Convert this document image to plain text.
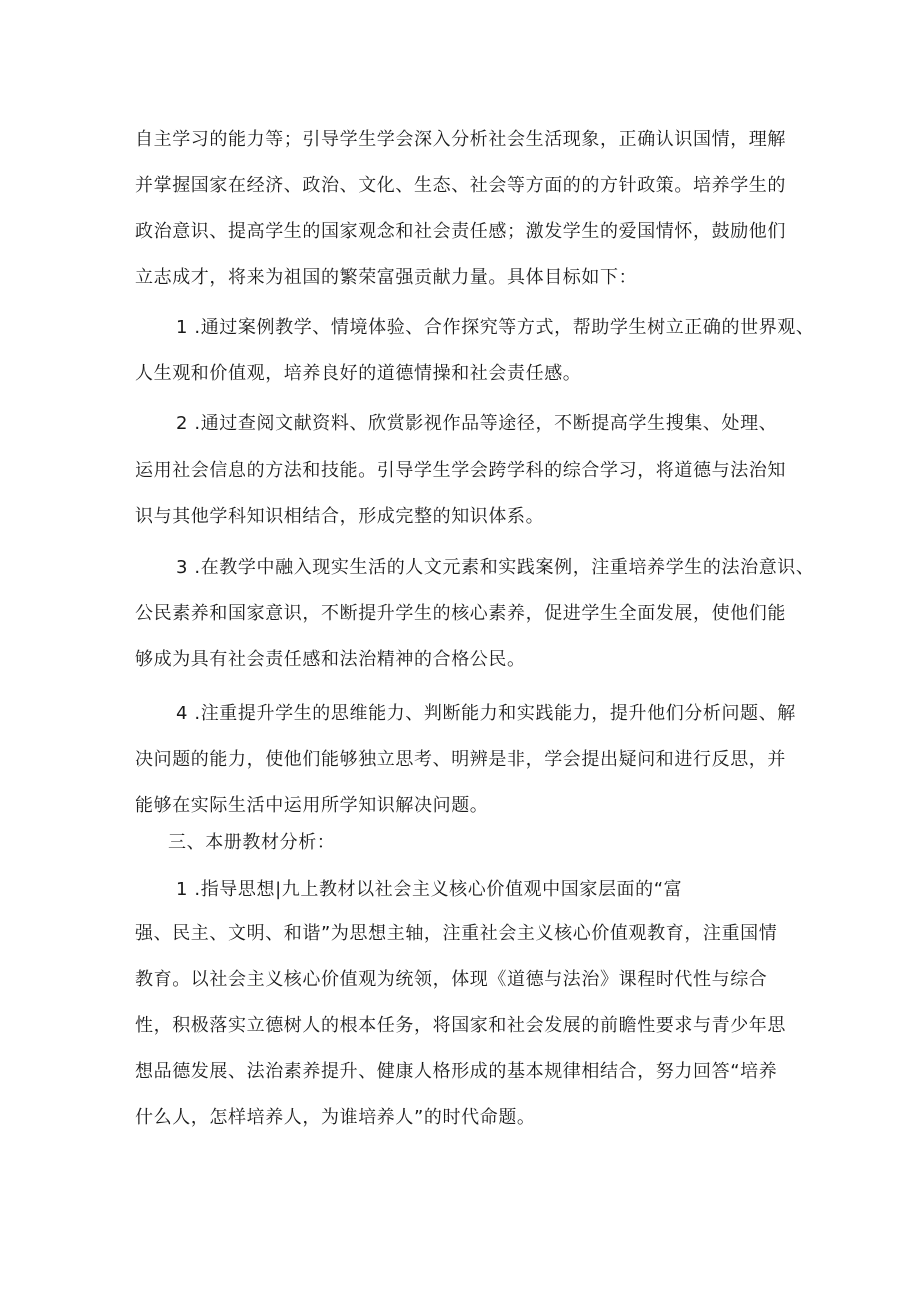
自主学习的能力等；引导学生学会深入分析社会生活现象，正确认识国情，理解
并掌握国家在经济、政治、文化、生态、社会等方面的的方针政策。培养学生的
政治意识、提高学生的国家观念和社会责任感；激发学生的爱国情怀，鼓励他们
立志成才，将来为祖国的繁荣富强贡献力量。具体目标如下：
1 .通过案例教学、情境体验、合作探究等方式，帮助学生树立正确的世界观、
人生观和价值观，培养良好的道德情操和社会责任感。
2 .通过查阅文献资料、欣赏影视作品等途径，不断提高学生搜集、处理、
运用社会信息的方法和技能。引导学生学会跨学科的综合学习，将道德与法治知
识与其他学科知识相结合，形成完整的知识体系。
3 .在教学中融入现实生活的人文元素和实践案例，注重培养学生的法治意识、
公民素养和国家意识，不断提升学生的核心素养，促进学生全面发展，使他们能
够成为具有社会责任感和法治精神的合格公民。
4 .注重提升学生的思维能力、判断能力和实践能力，提升他们分析问题、解
决问题的能力，使他们能够独立思考、明辨是非，学会提出疑问和进行反思，并
能够在实际生活中运用所学知识解决问题。
三、本册教材分析：
1 .指导思想|九上教材以社会主义核心价值观中国家层面的“富
强、民主、文明、和谐”为思想主轴，注重社会主义核心价值观教育，注重国情
教育。以社会主义核心价值观为统领，体现《道德与法治》课程时代性与综合
性，积极落实立德树人的根本任务，将国家和社会发展的前瞻性要求与青少年思
想品德发展、法治素养提升、健康人格形成的基本规律相结合，努力回答“培养
什么人，怎样培养人，为谁培养人”的时代命题。
